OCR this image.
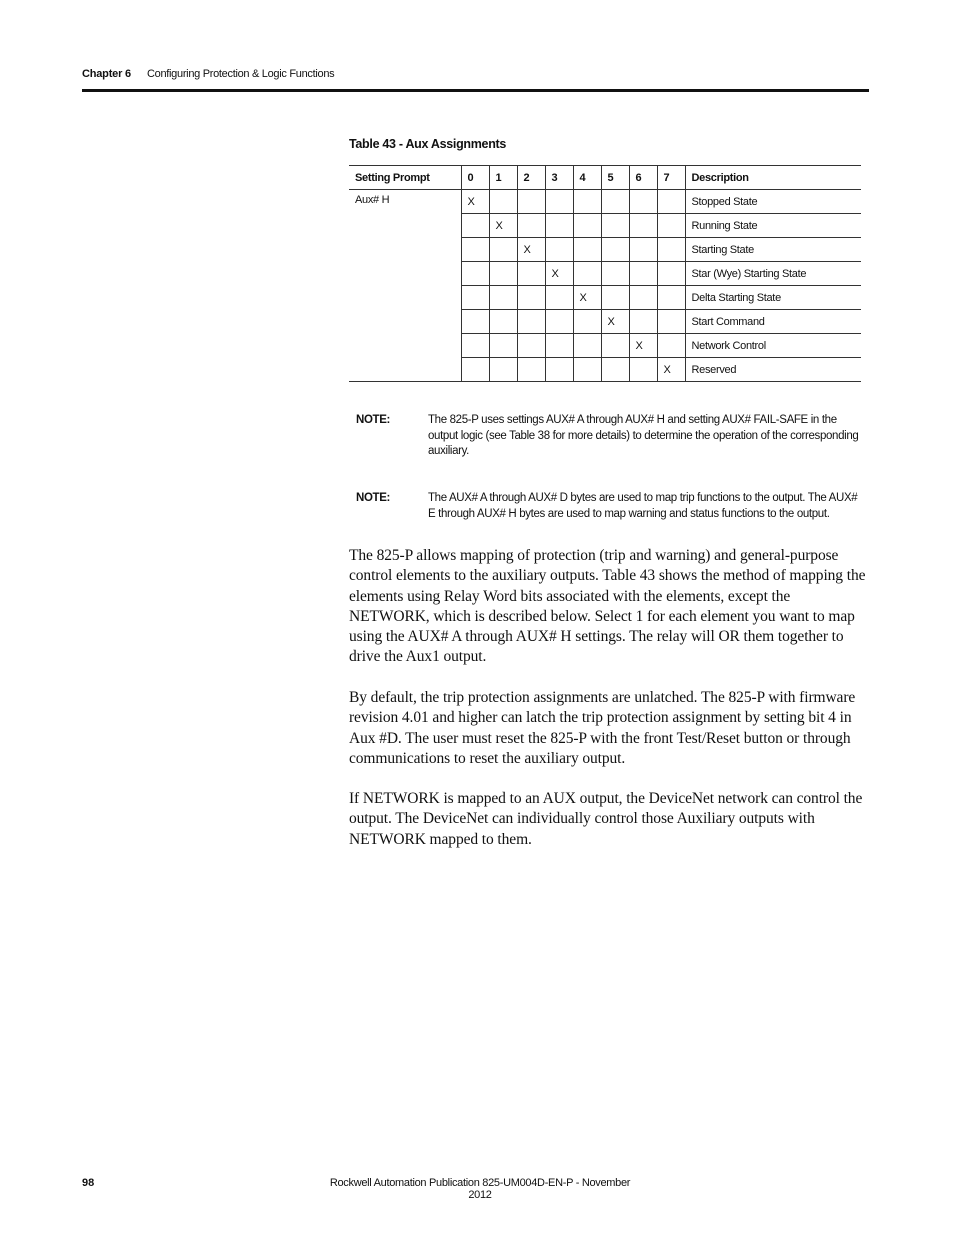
Chapter 6 Configuring Protection & Logic Functions
Table 43 - Aux Assignments
Setting Prompt	0	1	2	3	4	5	6	7	Description
Aux# H	X								Stopped State
		X							Running State
			X						Starting State
				X					Star (Wye) Starting State
					X				Delta Starting State
						X			Start Command
							X		Network Control
								X	Reserved
NOTE:	The 825-P uses settings AUX# A through AUX# H and setting AUX# FAIL-SAFE in the output logic (see Table 38 for more details) to determine the operation of the corresponding auxiliary.
NOTE:	The AUX# A through AUX# D bytes are used to map trip functions to the output. The AUX# E through AUX# H bytes are used to map warning and status functions to the output.
The 825-P allows mapping of protection (trip and warning) and general-purpose control elements to the auxiliary outputs. Table 43 shows the method of mapping the elements using Relay Word bits associated with the elements, except the NETWORK, which is described below. Select 1 for each element you want to map using the AUX# A through AUX# H settings. The relay will OR them together to drive the Aux1 output.
By default, the trip protection assignments are unlatched. The 825-P with firmware revision 4.01 and higher can latch the trip protection assignment by setting bit 4 in Aux #D. The user must reset the 825-P with the front Test/Reset button or through communications to reset the auxiliary output.
If NETWORK is mapped to an AUX output, the DeviceNet network can control the output. The DeviceNet can individually control those Auxiliary outputs with NETWORK mapped to them.
98	Rockwell Automation Publication 825-UM004D-EN-P - November 2012
